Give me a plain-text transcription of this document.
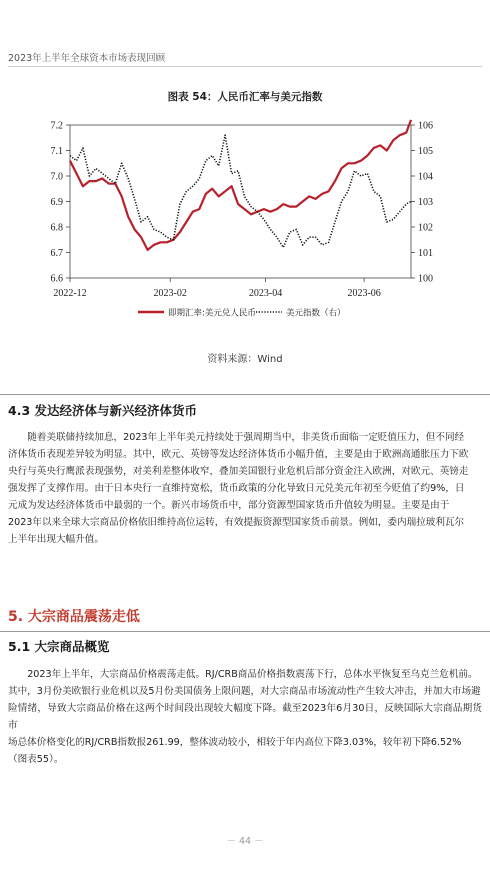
2023年上半年全球资本市场表现回顾
图表 54：人民币汇率与美元指数
6.6
6.7
6.8
6.9
7.0
7.1
7.2
100
101
102
103
104
105
106
2022-12	2023-02	2023-04	2023-06
即期汇率:美元兑人民币	美元指数（右）
资料来源：Wind
4.3 发达经济体与新兴经济体货币
随着美联储持续加息，2023年上半年美元持续处于强周期当中，非美货币面临一定贬值压力，但不同经
济体货币表现差异较为明显。其中，欧元、英镑等发达经济体货币小幅升值，主要是由于欧洲高通胀压力下欧
央行与英央行鹰派表现强势，对美利差整体收窄，叠加美国银行业危机后部分资金注入欧洲，对欧元、英镑走
强发挥了支撑作用。由于日本央行一直维持宽松，货币政策的分化导致日元兑美元年初至今贬值了约9%，日
元成为发达经济体货币中最弱的一个。新兴市场货币中，部分资源型国家货币升值较为明显。主要是由于
2023年以来全球大宗商品价格依旧维持高位运转，有效提振资源型国家货币前景。例如，委内瑞拉玻利瓦尔
上半年出现大幅升值。
5. 大宗商品震荡走低
5.1 大宗商品概览
2023年上半年，大宗商品价格震荡走低。RJ/CRB商品价格指数震荡下行，总体水平恢复至乌克兰危机前。
其中，3月份美欧银行业危机以及5月份美国债务上限问题，对大宗商品市场流动性产生较大冲击，并加大市场避
险情绪，导致大宗商品价格在这两个时间段出现较大幅度下降。截至2023年6月30日，反映国际大宗商品期货市
场总体价格变化的RJ/CRB指数报261.99，整体波动较小，相较于年内高位下降3.03%，较年初下降6.52%
（图表55）。
－ 44 －
